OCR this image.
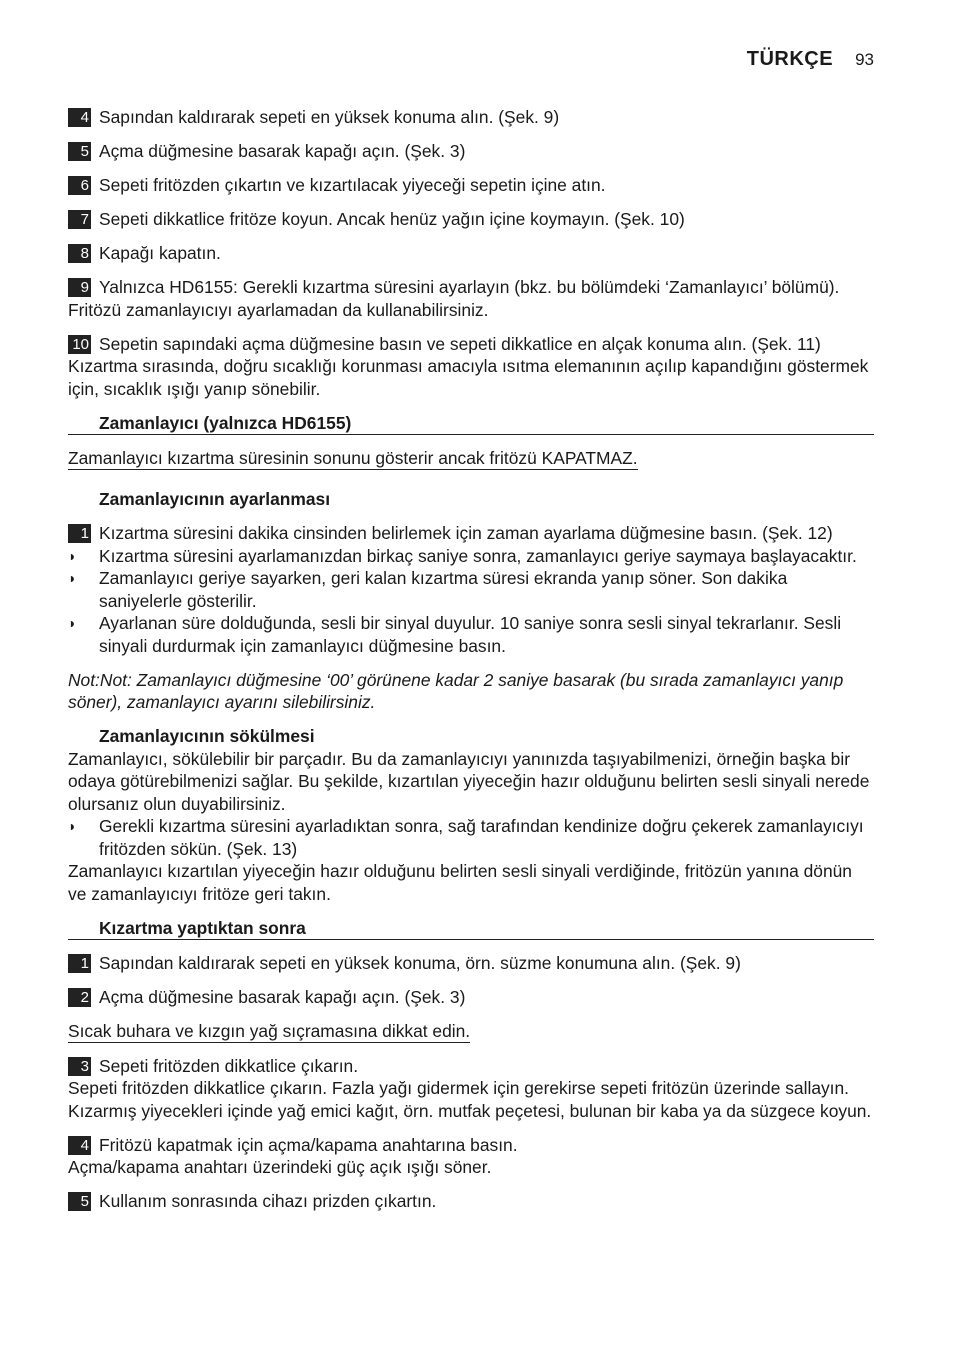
TÜRKÇE 93
4 Sapından kaldırarak sepeti en yüksek konuma alın. (Şek. 9)
5 Açma düğmesine basarak kapağı açın. (Şek. 3)
6 Sepeti fritözden çıkartın ve kızartılacak yiyeceği sepetin içine atın.
7 Sepeti dikkatlice fritöze koyun. Ancak henüz yağın içine koymayın. (Şek. 10)
8 Kapağı kapatın.
9 Yalnızca HD6155: Gerekli kızartma süresini ayarlayın (bkz. bu bölümdeki ‘Zamanlayıcı’ bölümü).
Fritözü zamanlayıcıyı ayarlamadan da kullanabilirsiniz.
10 Sepetin sapındaki açma düğmesine basın ve sepeti dikkatlice en alçak konuma alın. (Şek. 11)
Kızartma sırasında, doğru sıcaklığı korunması amacıyla ısıtma elemanının açılıp kapandığını göstermek için, sıcaklık ışığı yanıp sönebilir.
Zamanlayıcı (yalnızca HD6155)
Zamanlayıcı kızartma süresinin sonunu gösterir ancak fritözü KAPATMAZ.
Zamanlayıcının ayarlanması
1 Kızartma süresini dakika cinsinden belirlemek için zaman ayarlama düğmesine basın. (Şek. 12)
◗ Kızartma süresini ayarlamanızdan birkaç saniye sonra, zamanlayıcı geriye saymaya başlayacaktır.
◗ Zamanlayıcı geriye sayarken, geri kalan kızartma süresi ekranda yanıp söner. Son dakika saniyelerle gösterilir.
◗ Ayarlanan süre dolduğunda, sesli bir sinyal duyulur. 10 saniye sonra sesli sinyal tekrarlanır. Sesli sinyali durdurmak için zamanlayıcı düğmesine basın.
Not:Not: Zamanlayıcı düğmesine ‘00’ görünene kadar 2 saniye basarak (bu sırada zamanlayıcı yanıp söner), zamanlayıcı ayarını silebilirsiniz.
Zamanlayıcının sökülmesi
Zamanlayıcı, sökülebilir bir parçadır. Bu da zamanlayıcıyı yanınızda taşıyabilmenizi, örneğin başka bir odaya götürebilmenizi sağlar. Bu şekilde, kızartılan yiyeceğin hazır olduğunu belirten sesli sinyali nerede olursanız olun duyabilirsiniz.
◗ Gerekli kızartma süresini ayarladıktan sonra, sağ tarafından kendinize doğru çekerek zamanlayıcıyı fritözden sökün. (Şek. 13)
Zamanlayıcı kızartılan yiyeceğin hazır olduğunu belirten sesli sinyali verdiğinde, fritözün yanına dönün ve zamanlayıcıyı fritöze geri takın.
Kızartma yaptıktan sonra
1 Sapından kaldırarak sepeti en yüksek konuma, örn. süzme konumuna alın. (Şek. 9)
2 Açma düğmesine basarak kapağı açın. (Şek. 3)
Sıcak buhara ve kızgın yağ sıçramasına dikkat edin.
3 Sepeti fritözden dikkatlice çıkarın.
Sepeti fritözden dikkatlice çıkarın. Fazla yağı gidermek için gerekirse sepeti fritözün üzerinde sallayın. Kızarmış yiyecekleri içinde yağ emici kağıt, örn. mutfak peçetesi, bulunan bir kaba ya da süzgece koyun.
4 Fritözü kapatmak için açma/kapama anahtarına basın.
Açma/kapama anahtarı üzerindeki güç açık ışığı söner.
5 Kullanım sonrasında cihazı prizden çıkartın.
